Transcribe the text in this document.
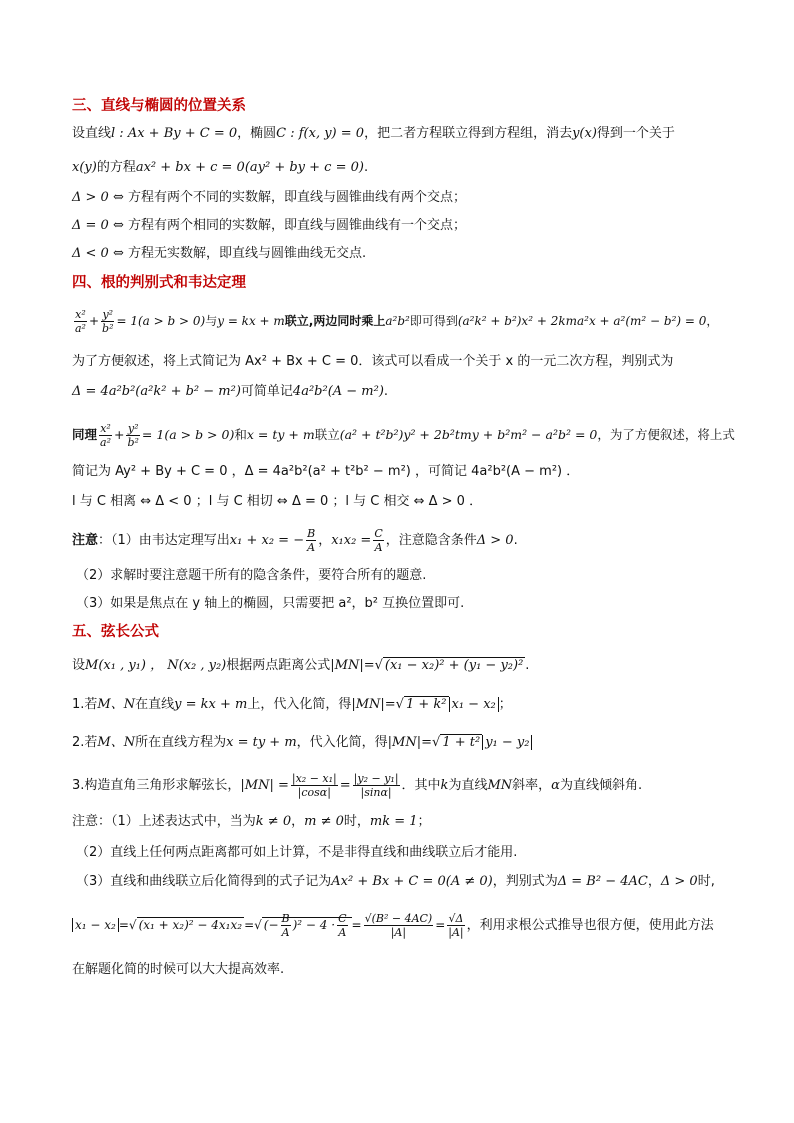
三、直线与椭圆的位置关系
设直线l : Ax + By + C = 0，椭圆C : f(x, y) = 0，把二者方程联立得到方程组，消去y(x)得到一个关于
x(y)的方程ax² + bx + c = 0(ay² + by + c = 0).
Δ > 0 ⇔ 方程有两个不同的实数解，即直线与圆锥曲线有两个交点；
Δ = 0 ⇔ 方程有两个相同的实数解，即直线与圆锥曲线有一个交点；
Δ < 0 ⇔ 方程无实数解，即直线与圆锥曲线无交点.
四、根的判别式和韦达定理
$\frac{\text{x²}}{\text{a²}} + \frac{\text{y²}}{\text{b²}} = 1(a > b > 0)$与y = kx + m联立,两边同时乘上a²b²即可得到(a²k² + b²)x² + 2kma²x + a²(m² − b²) = 0，
为了方便叙述，将上式简记为 Ax² + Bx + C = 0．该式可以看成一个关于 x 的一元二次方程，判别式为
Δ = 4a²b²(a²k² + b² − m²)可简单记4a²b²(A − m²).
同理 $\frac{\text{x²}}{\text{a²}} + \frac{\text{y²}}{\text{b²}} = 1(a > b > 0)$和x = ty + m联立(a² + t²b²)y² + 2b²tmy + b²m² − a²b² = 0，为了方便叙述，将上式
简记为 Ay² + By + C = 0 ，Δ = 4a²b²(a² + t²b² − m²) ，可简记 4a²b²(A − m²) ．
l 与 C 相离 ⇔ Δ < 0 ；l 与 C 相切 ⇔ Δ = 0 ；l 与 C 相交 ⇔ Δ > 0 ．
注意：（1）由韦达定理写出x₁ + x₂ = − $\frac{B}{A}$ ，$x_1x_2 = \frac{C}{A}$ ，注意隐含条件Δ > 0.
（2）求解时要注意题干所有的隐含条件，要符合所有的题意.
（3）如果是焦点在 y 轴上的椭圆，只需要把 a²，b² 互换位置即可.
五、弦长公式
设M(x₁ , y₁) ， N(x₂ , y₂)根据两点距离公式|MN|=√ (x₁ − x₂)² + (y₁ − y₂)² .
1.若M、N在直线y = kx + m上，代入化简，得|MN|=√ 1 + k² x₁ − x₂ ；
2.若M、N所在直线方程为x = ty + m，代入化简，得|MN|=√ 1 + t² y₁ − y₂
3.构造直角三角形求解弦长，$|MN| = \frac{\text{|x₂ − x₁|}}{|\cos\alpha|} = \frac{\text{|y₂ − y₁|}}{|\sin\alpha|}$ ．其中k为直线MN斜率，α为直线倾斜角.
注意：（1）上述表达式中，当为k ≠ 0，m ≠ 0时，mk = 1；
（2）直线上任何两点距离都可如上计算，不是非得直线和曲线联立后才能用.
（3）直线和曲线联立后化简得到的式子记为Ax² + Bx + C = 0(A ≠ 0)，判别式为Δ = B² − 4AC，Δ > 0时,
x₁ − x₂ =√ (x₁ + x₂)² − 4x₁x₂ =√ (− $\frac{B}{A} )^2 - 4 \cdot \frac{C}{A} = \frac{\text{√(B² − 4AC)}}{|A|} = \frac{√\Delta}{|A|}$ ，利用求根公式推导也很方便，使用此方法
在解题化简的时候可以大大提高效率.
